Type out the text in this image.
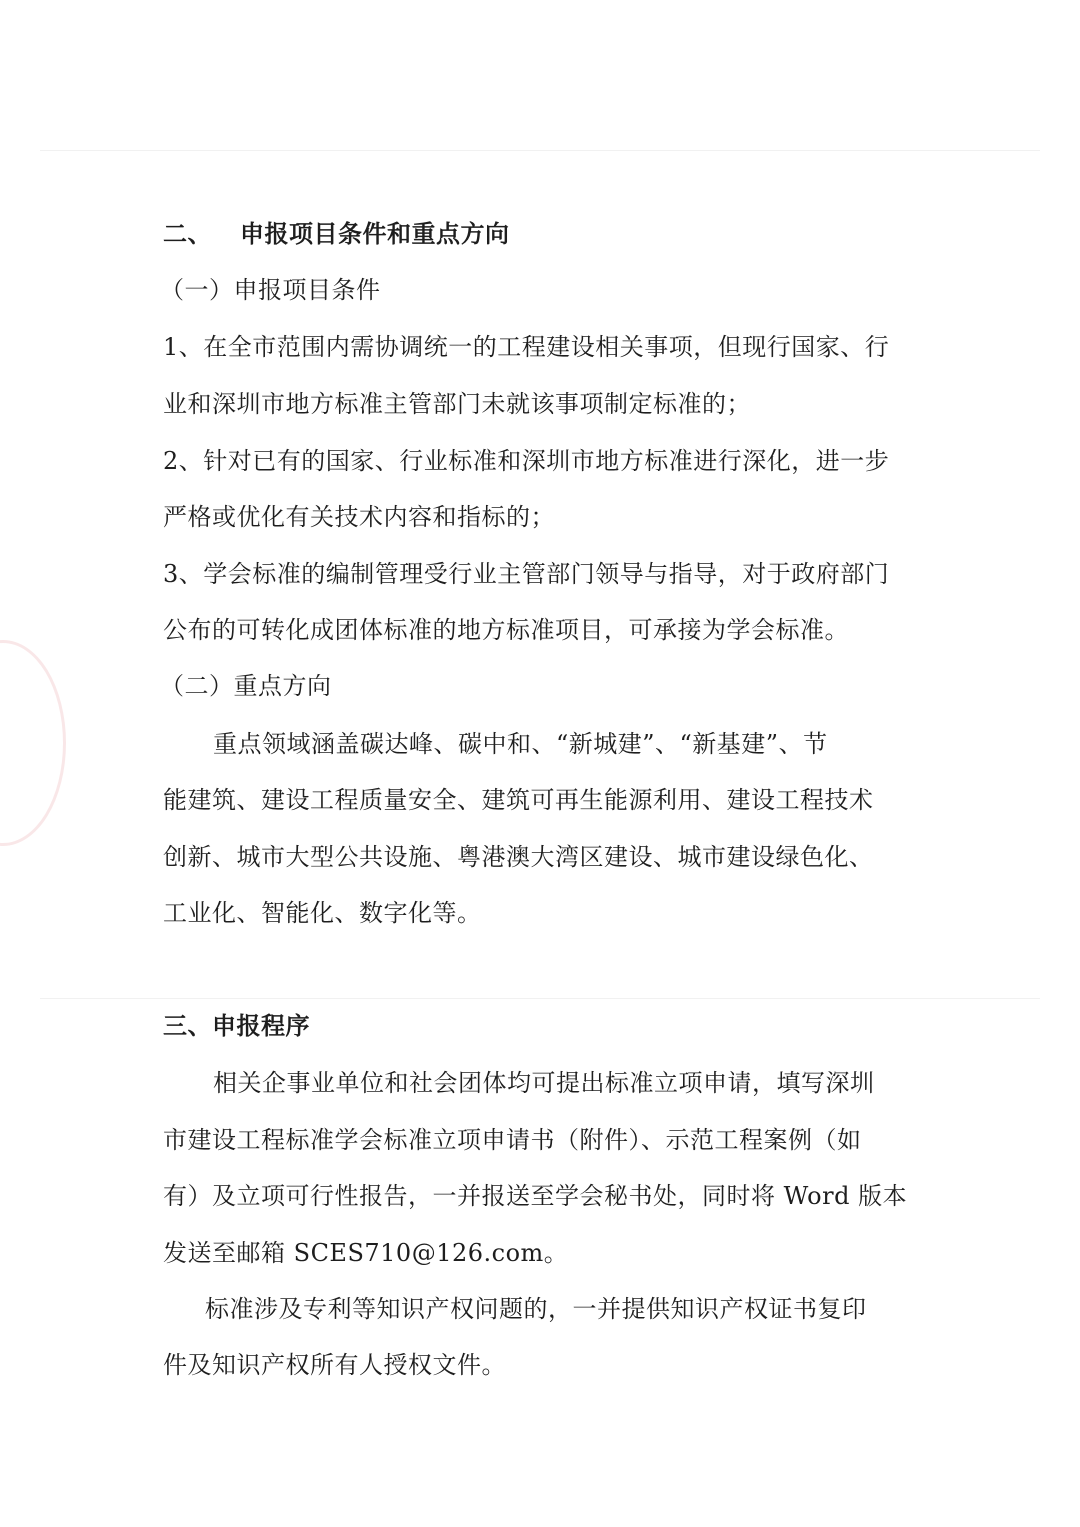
二、 申报项目条件和重点方向
（一）申报项目条件
1、在全市范围内需协调统一的工程建设相关事项，但现行国家、行
业和深圳市地方标准主管部门未就该事项制定标准的；
2、针对已有的国家、行业标准和深圳市地方标准进行深化，进一步
严格或优化有关技术内容和指标的；
3、学会标准的编制管理受行业主管部门领导与指导，对于政府部门
公布的可转化成团体标准的地方标准项目，可承接为学会标准。
（二）重点方向
重点领域涵盖碳达峰、碳中和、“新城建”、“新基建”、节
能建筑、建设工程质量安全、建筑可再生能源利用、建设工程技术
创新、城市大型公共设施、粤港澳大湾区建设、城市建设绿色化、
工业化、智能化、数字化等。
三、申报程序
相关企事业单位和社会团体均可提出标准立项申请，填写深圳
市建设工程标准学会标准立项申请书（附件）、示范工程案例（如
有）及立项可行性报告，一并报送至学会秘书处，同时将 Word 版本
发送至邮箱 SCES710@126.com。
标准涉及专利等知识产权问题的，一并提供知识产权证书复印
件及知识产权所有人授权文件。
